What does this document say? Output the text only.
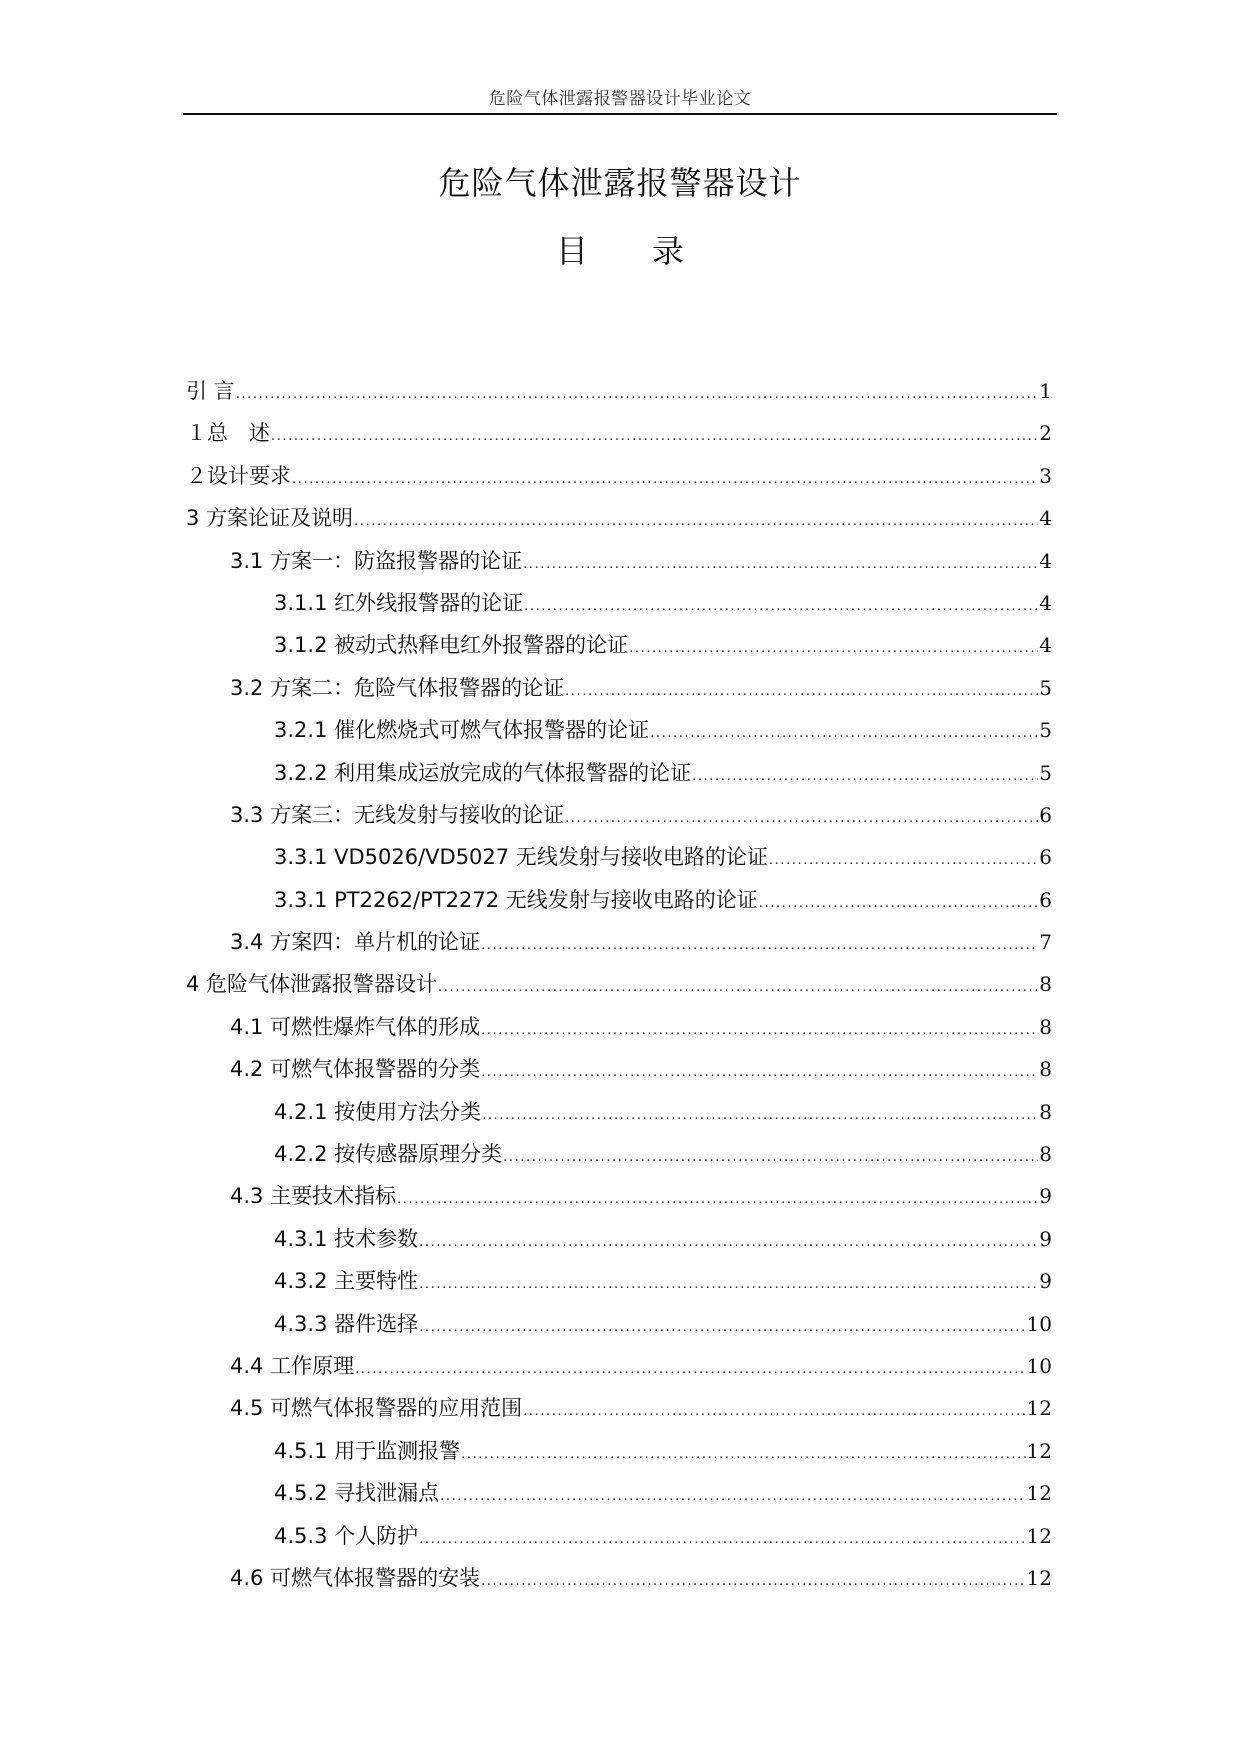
危险气体泄露报警器设计毕业论文
危险气体泄露报警器设计
目　　录
引 言 .....	1
１总　述 .....	2
２设计要求 .....	3
3 方案论证及说明 .....	4
3.1 方案一：防盗报警器的论证 .....	4
3.1.1 红外线报警器的论证 .....	4
3.1.2 被动式热释电红外报警器的论证 .....	4
3.2 方案二：危险气体报警器的论证 .....	5
3.2.1 催化燃烧式可燃气体报警器的论证 .....	5
3.2.2 利用集成运放完成的气体报警器的论证 .....	5
3.3 方案三：无线发射与接收的论证 .....	6
3.3.1 VD5026/VD5027 无线发射与接收电路的论证 .....	6
3.3.1 PT2262/PT2272 无线发射与接收电路的论证 .....	6
3.4 方案四：单片机的论证 .....	7
4 危险气体泄露报警器设计 .....	8
4.1 可燃性爆炸气体的形成 .....	8
4.2 可燃气体报警器的分类 .....	8
4.2.1 按使用方法分类 .....	8
4.2.2 按传感器原理分类 .....	8
4.3 主要技术指标 .....	9
4.3.1 技术参数 .....	9
4.3.2 主要特性 .....	9
4.3.3 器件选择 .....	10
4.4 工作原理 .....	10
4.5 可燃气体报警器的应用范围 .....	12
4.5.1 用于监测报警 .....	12
4.5.2 寻找泄漏点 .....	12
4.5.3 个人防护 .....	12
4.6 可燃气体报警器的安装 .....	12
